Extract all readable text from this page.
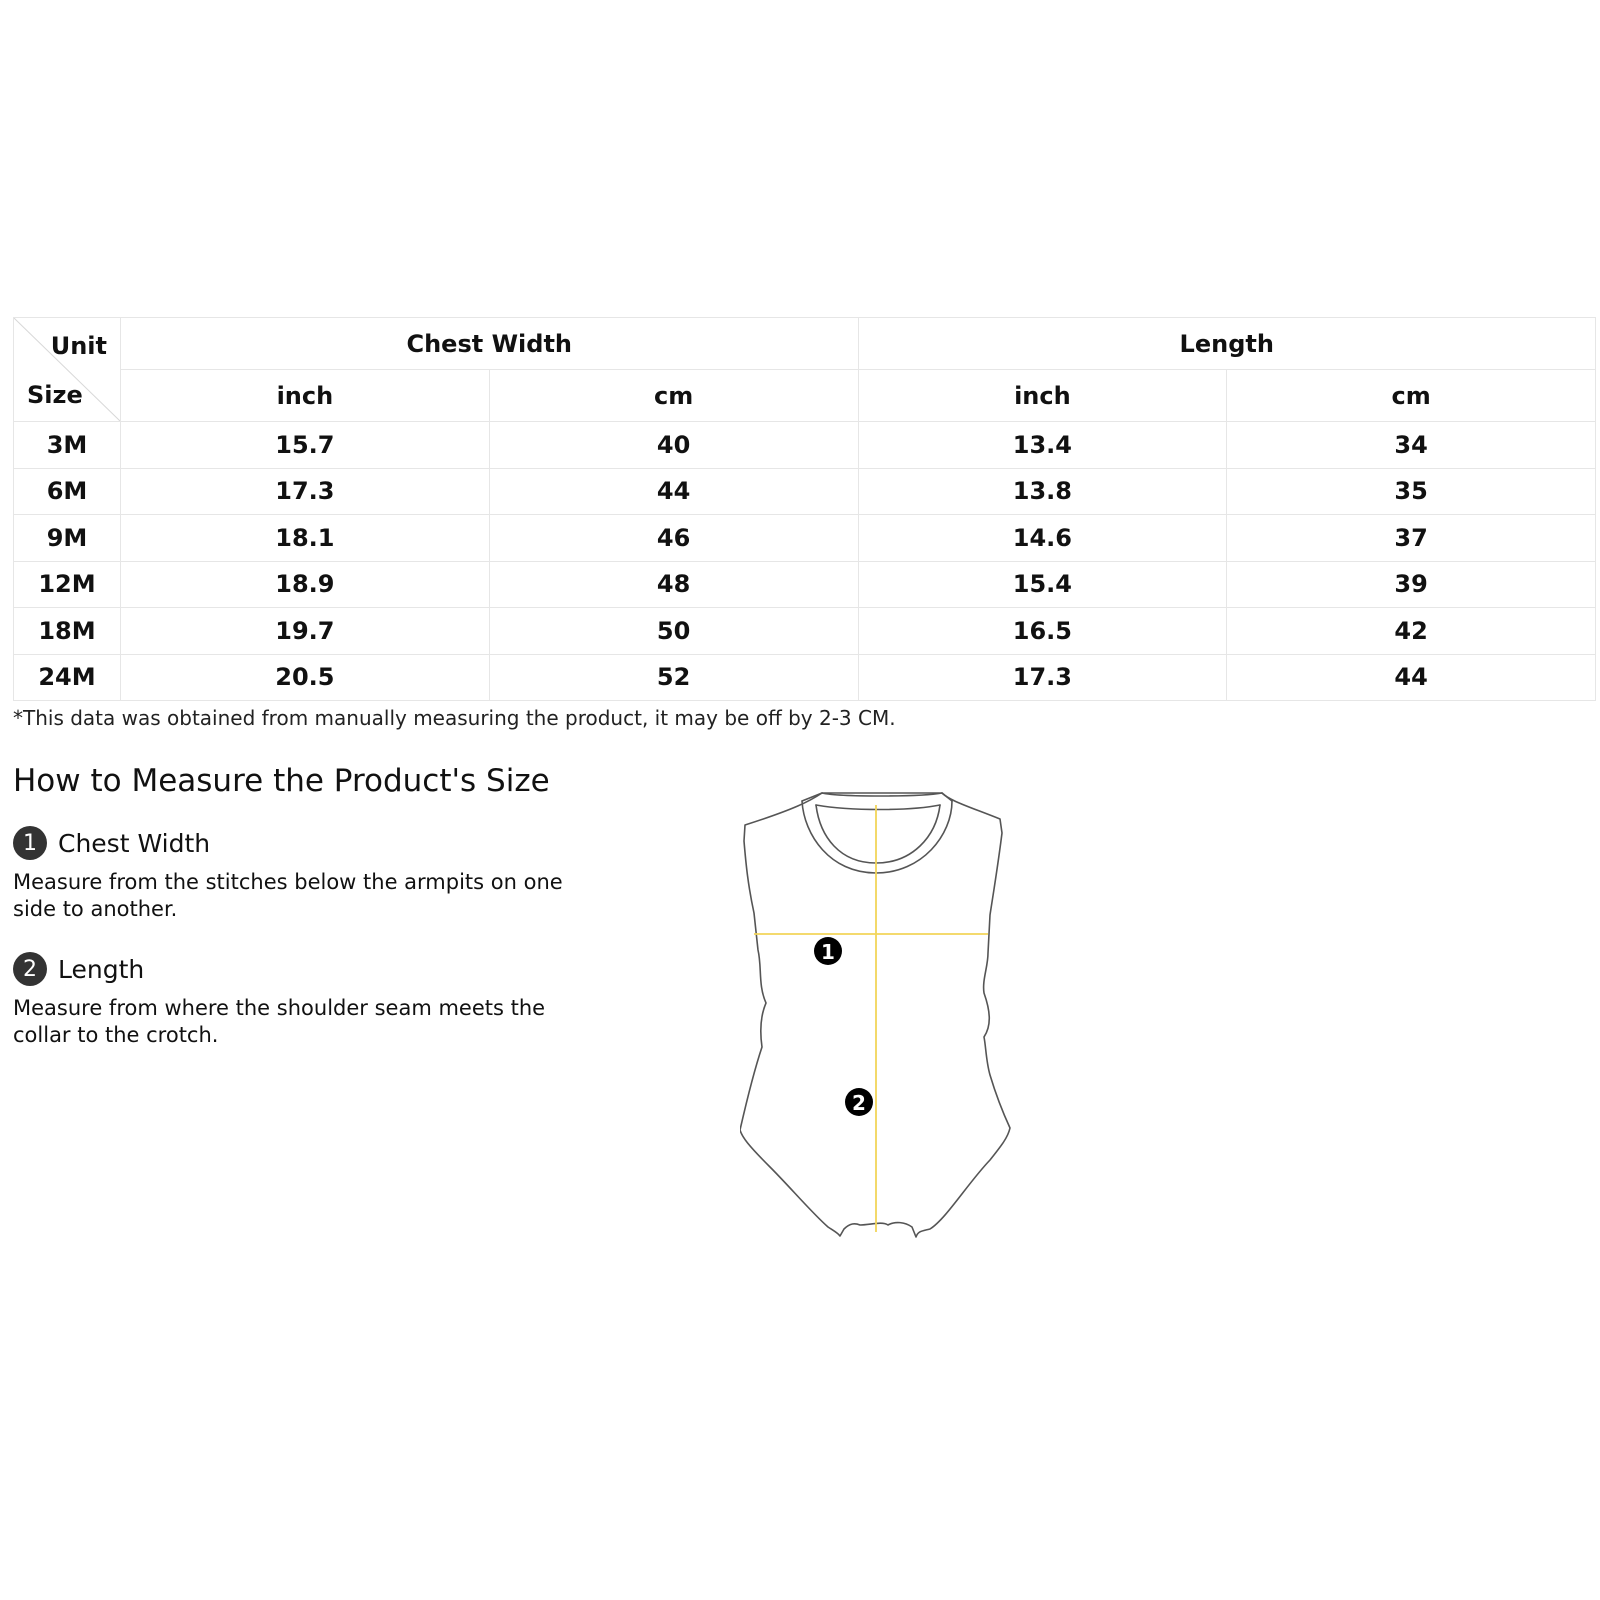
Unit
Size	Chest Width		Length	
	inch	cm	inch	cm
3M	15.7	40	13.4	34
6M	17.3	44	13.8	35
9M	18.1	46	14.6	37
12M	18.9	48	15.4	39
18M	19.7	50	16.5	42
24M	20.5	52	17.3	44
*This data was obtained from manually measuring the product, it may be off by 2-3 CM.
How to Measure the Product's Size
1 Chest Width
Measure from the stitches below the armpits on one side to another.
2 Length
Measure from where the shoulder seam meets the collar to the crotch.
1
2
